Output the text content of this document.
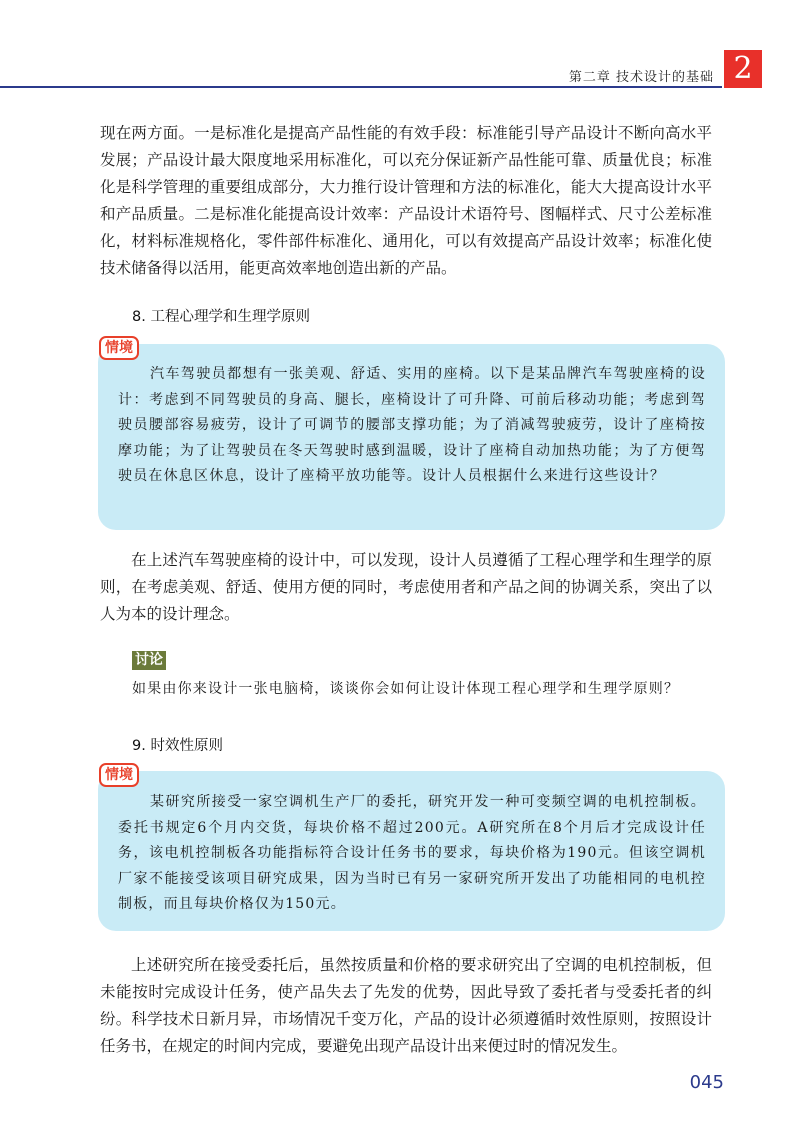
第二章 技术设计的基础 2

现在两方面。一是标准化是提高产品性能的有效手段：标准能引导产品设计不断向高水平发展；产品设计最大限度地采用标准化，可以充分保证新产品性能可靠、质量优良；标准化是科学管理的重要组成部分，大力推行设计管理和方法的标准化，能大大提高设计水平和产品质量。二是标准化能提高设计效率：产品设计术语符号、图幅样式、尺寸公差标准化，材料标准规格化，零件部件标准化、通用化，可以有效提高产品设计效率；标准化使技术储备得以活用，能更高效率地创造出新的产品。

8. 工程心理学和生理学原则
情境

汽车驾驶员都想有一张美观、舒适、实用的座椅。以下是某品牌汽车驾驶座椅的设计：考虑到不同驾驶员的身高、腿长，座椅设计了可升降、可前后移动功能；考虑到驾驶员腰部容易疲劳，设计了可调节的腰部支撑功能；为了消减驾驶疲劳，设计了座椅按摩功能；为了让驾驶员在冬天驾驶时感到温暖，设计了座椅自动加热功能；为了方便驾驶员在休息区休息，设计了座椅平放功能等。设计人员根据什么来进行这些设计？

在上述汽车驾驶座椅的设计中，可以发现，设计人员遵循了工程心理学和生理学的原则，在考虑美观、舒适、使用方便的同时，考虑使用者和产品之间的协调关系，突出了以人为本的设计理念。

讨论

如果由你来设计一张电脑椅，谈谈你会如何让设计体现工程心理学和生理学原则？

9. 时效性原则
情境

某研究所接受一家空调机生产厂的委托，研究开发一种可变频空调的电机控制板。委托书规定6个月内交货，每块价格不超过200元。A研究所在8个月后才完成设计任务，该电机控制板各功能指标符合设计任务书的要求，每块价格为190元。但该空调机厂家不能接受该项目研究成果，因为当时已有另一家研究所开发出了功能相同的电机控制板，而且每块价格仅为150元。

上述研究所在接受委托后，虽然按质量和价格的要求研究出了空调的电机控制板，但未能按时完成设计任务，使产品失去了先发的优势，因此导致了委托者与受委托者的纠纷。科学技术日新月异，市场情况千变万化，产品的设计必须遵循时效性原则，按照设计任务书，在规定的时间内完成，要避免出现产品设计出来便过时的情况发生。

045
